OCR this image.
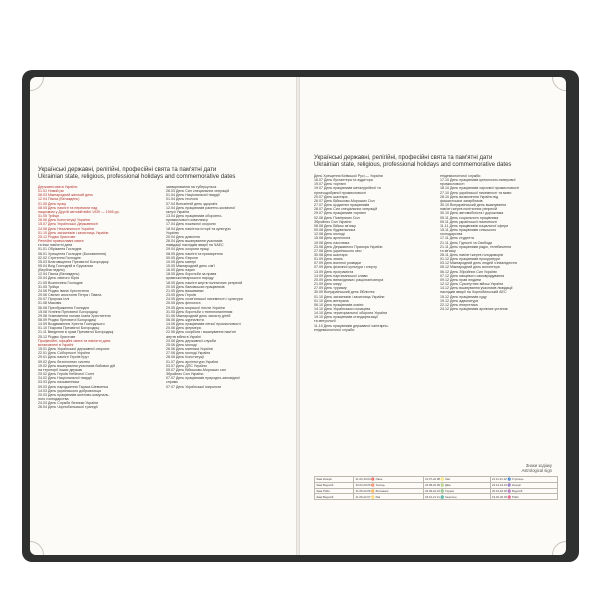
Українські державні, релігійні, професійні свята та пам'ятні дати
Ukrainian state, religious, professional holidays and commemorative dates
Державні свята України
01.01 Новий рік
08.03 Міжнародний жіночий день
12.04 Пасха (Великдень)
01.05 День праці
08.05 День пам'яті та перемоги над
нацизмом у Другій світовій війні 1939 — 1945 рр.
31.05 Трійця
28.06 День Конституції України
15.07 День Української Державності
24.08 День Незалежності України
01.10 День захисників і захисниць України
25.12 Різдво Христове
Релігійні православні свята
та інші пам'ятні дати
01.01 Обрізання Господнє
06.01 Хрещення Господнє (Богоявлення)
02.02 Стрітення Господнє
25.03 Благовіщення Пресвятої Богородиці
05.04 Вхід Господній в Єрусалим
(Вербна неділя)
12.04 Пасха (Великдень)
20.04 День святого Юрія
21.05 Вознесіння Господнє
31.05 Трійця
24.06 Різдво Івана Хрестителя
29.06 Святих апостолів Петра і Павла
20.07 Пророка Іллі
01.08 Маковія
06.08 Преображення Господнє
15.08 Успіння Пресвятої Богородиці
29.08 Усікновення голови Іоана Хрестителя
08.09 Різдво Пресвятої Богородиці
14.09 Воздвиження Хреста Господнього
01.10 Покрова Пресвятої Богородиці
21.11 Введення в храм Пресвятої Богородиці
25.12 Різдво Христове
Професійні, офіційні свята та пам'ятні дати,
встановлені в Україні
15.01 День Української державної охорони
22.01 День Соборності України
29.01 День пам'яті Героїв Крут
09.02 День безпілотних систем
15.02 День вшанування учасників бойових дій
на території інших держав
20.02 День Героїв Небесної Сотні
24.02 День Національної гвардії
03.03 День письменника
09.03 День народження Тараса Шевченка
14.03 День українського добровольця
20.03 День працівників житлово-комуналь-
ного господарства
24.03 День Служби безпеки України
26.04 День Чорнобильської трагедії
захворювання на туберкульоз
26.03 День Сил спеціальних операцій
01.04 День Національної гвардії
01.04 День геолога
07.04 Всесвітній день здоров'я
12.04 День працівників ракетно-космічної
галузі України
13.04 День працівників оборонно-
промислового комплексу
17.04 День пожежної охорони
18.04 День пам'яток історії та культури
України
20.04 День довкілля
26.04 День вшанування учасників
ліквідації наслідків аварії на ЧАЕС
29.04 День охорони праці
08.05 День пам'яті та примирення
09.05 День Європи
10.05 День матері
15.05 Міжнародний день сім'ї
16.05 День науки
18.05 День боротьби за права
кримськотатарського народу
18.05 День пам'яті жертв політичних репресій
20.05 День банківських працівників
21.05 День вишиванки
23.05 День Героїв
24.05 День слов'янської писемності і культури
25.05 День філолога
29.05 День морської піхоти України
31.05 День боротьби з тютюнопалінням
01.06 Міжнародний день захисту дітей
06.06 День журналіста
14.06 День працівників легкої промисловості
20.06 День фермера
22.06 День скорботи і вшанування пам'яті
жертв війни в Україні
23.06 День державної служби
25.06 День молоді
26.06 День митника України
27.06 День молоді України
28.06 День Конституції
01.07 День архітектури України
03.07 День ДПС України
05.07 День Військово-Морських сил
Збройних Сил України
07.07 День працівників природно-заповідної
справи
07.07 День Української мирологи
Українські державні, релігійні, професійні свята та пам'ятні дати
Ukrainian state, religious, professional holidays and commemorative dates
День Хрещення Київської Русі — України
16.07 День бухгалтера та аудитора
19.07 День торгівлі
19.07 День працівників металургійної та
гірничодобувної промисловості
20.07 День шахтаря
26.07 День Військово-Морських Сил
27.07 День ціздатних працівників
28.07 День Сил спеціальних операцій
29.07 День працівників торгівлі
02.08 День Повітряних Сил
Збройних Сил України
08.08 День Військ зв'язку
09.08 День будівельника
12.08 День молоді
15.08 День археолога
19.08 День пасічника
23.08 День Державного Прапора України
27.08 День українського кіно
30.08 День шахтаря
01.09 День знань
07.09 День воєнної розвідки
07.09 День фізичної культури і спорту
13.09 День програміста
14.09 День партизанської слави
20.09 День винахідника і раціоналізатора
21.09 День миру
27.09 День туризму
30.09 Всеукраїнський день бібліотек
01.10 День захисників і захисниць України
01.10 День ветерана
06.10 День працівників освіти
14.10 День Українського козацтва
14.10 День територіальної оборони України
19.10 День працівників стандартизації
та метрології
11.10 День працівників державної санітарно-
епідеміологічної служби
епідеміологічної служби
17.10 День працівників целюлозно-паперової
промисловості
18.10 День працівників харчової промисловості
27.10 День української писемності та мови
28.10 День визволення України від
фашистських загарбників
30.10 Всеукраїнський день вшанування
пам'яті жертв політичних репресій
30.10 День автомобіліста і дорожника
05.11 День соціального працівника
09.11 День української писемності
11.11 День працівників соціальної сфери
15.11 День працівників сільського
господарства
17.11 День студента
21.11 День Гідності та Свободи
21.11 День працівників радіо, телебачення
та зв'язку
28.11 День пам'яті жертв голодоморів
01.12 День працівників прокуратури
03.12 Міжнародний день людей з інвалідністю
05.12 Міжнародний день волонтера
06.12 День Збройних Сил України
07.12 День місцевого самоврядування
09.12 День прав людини
12.12 День Сухопутних військ України
14.12 День вшанування учасників ліквідації
наслідків аварії на Чорнобильській АЕС
15.12 День працівників суду
19.12 День адвокатури
22.12 День енергетика
24.12 День працівників архівних установ
Знаки зодіаку
Astrological sign
Знак Козеріг	21.03-19.04 ♈ Овен	21.07-22.08 ♌ Лев	21.11-21.12 ♐ Стрілець
Знак Водолій	20.04-20.05 ♉ Телець	23.08-22.09 ♍ Діва	22.12-19.01 ♑ Козеріг
Знак Риби	21.05-20.06 ♊ Близнюки	23.09-22.10 ♎ Терези	20.01-18.02 ♒ Водолій
Знак Водолій	21.06-22.07 ♋ Рак	23.10-21.11 ♏ Скорпіон	19.02-20.03 ♓ Риби
